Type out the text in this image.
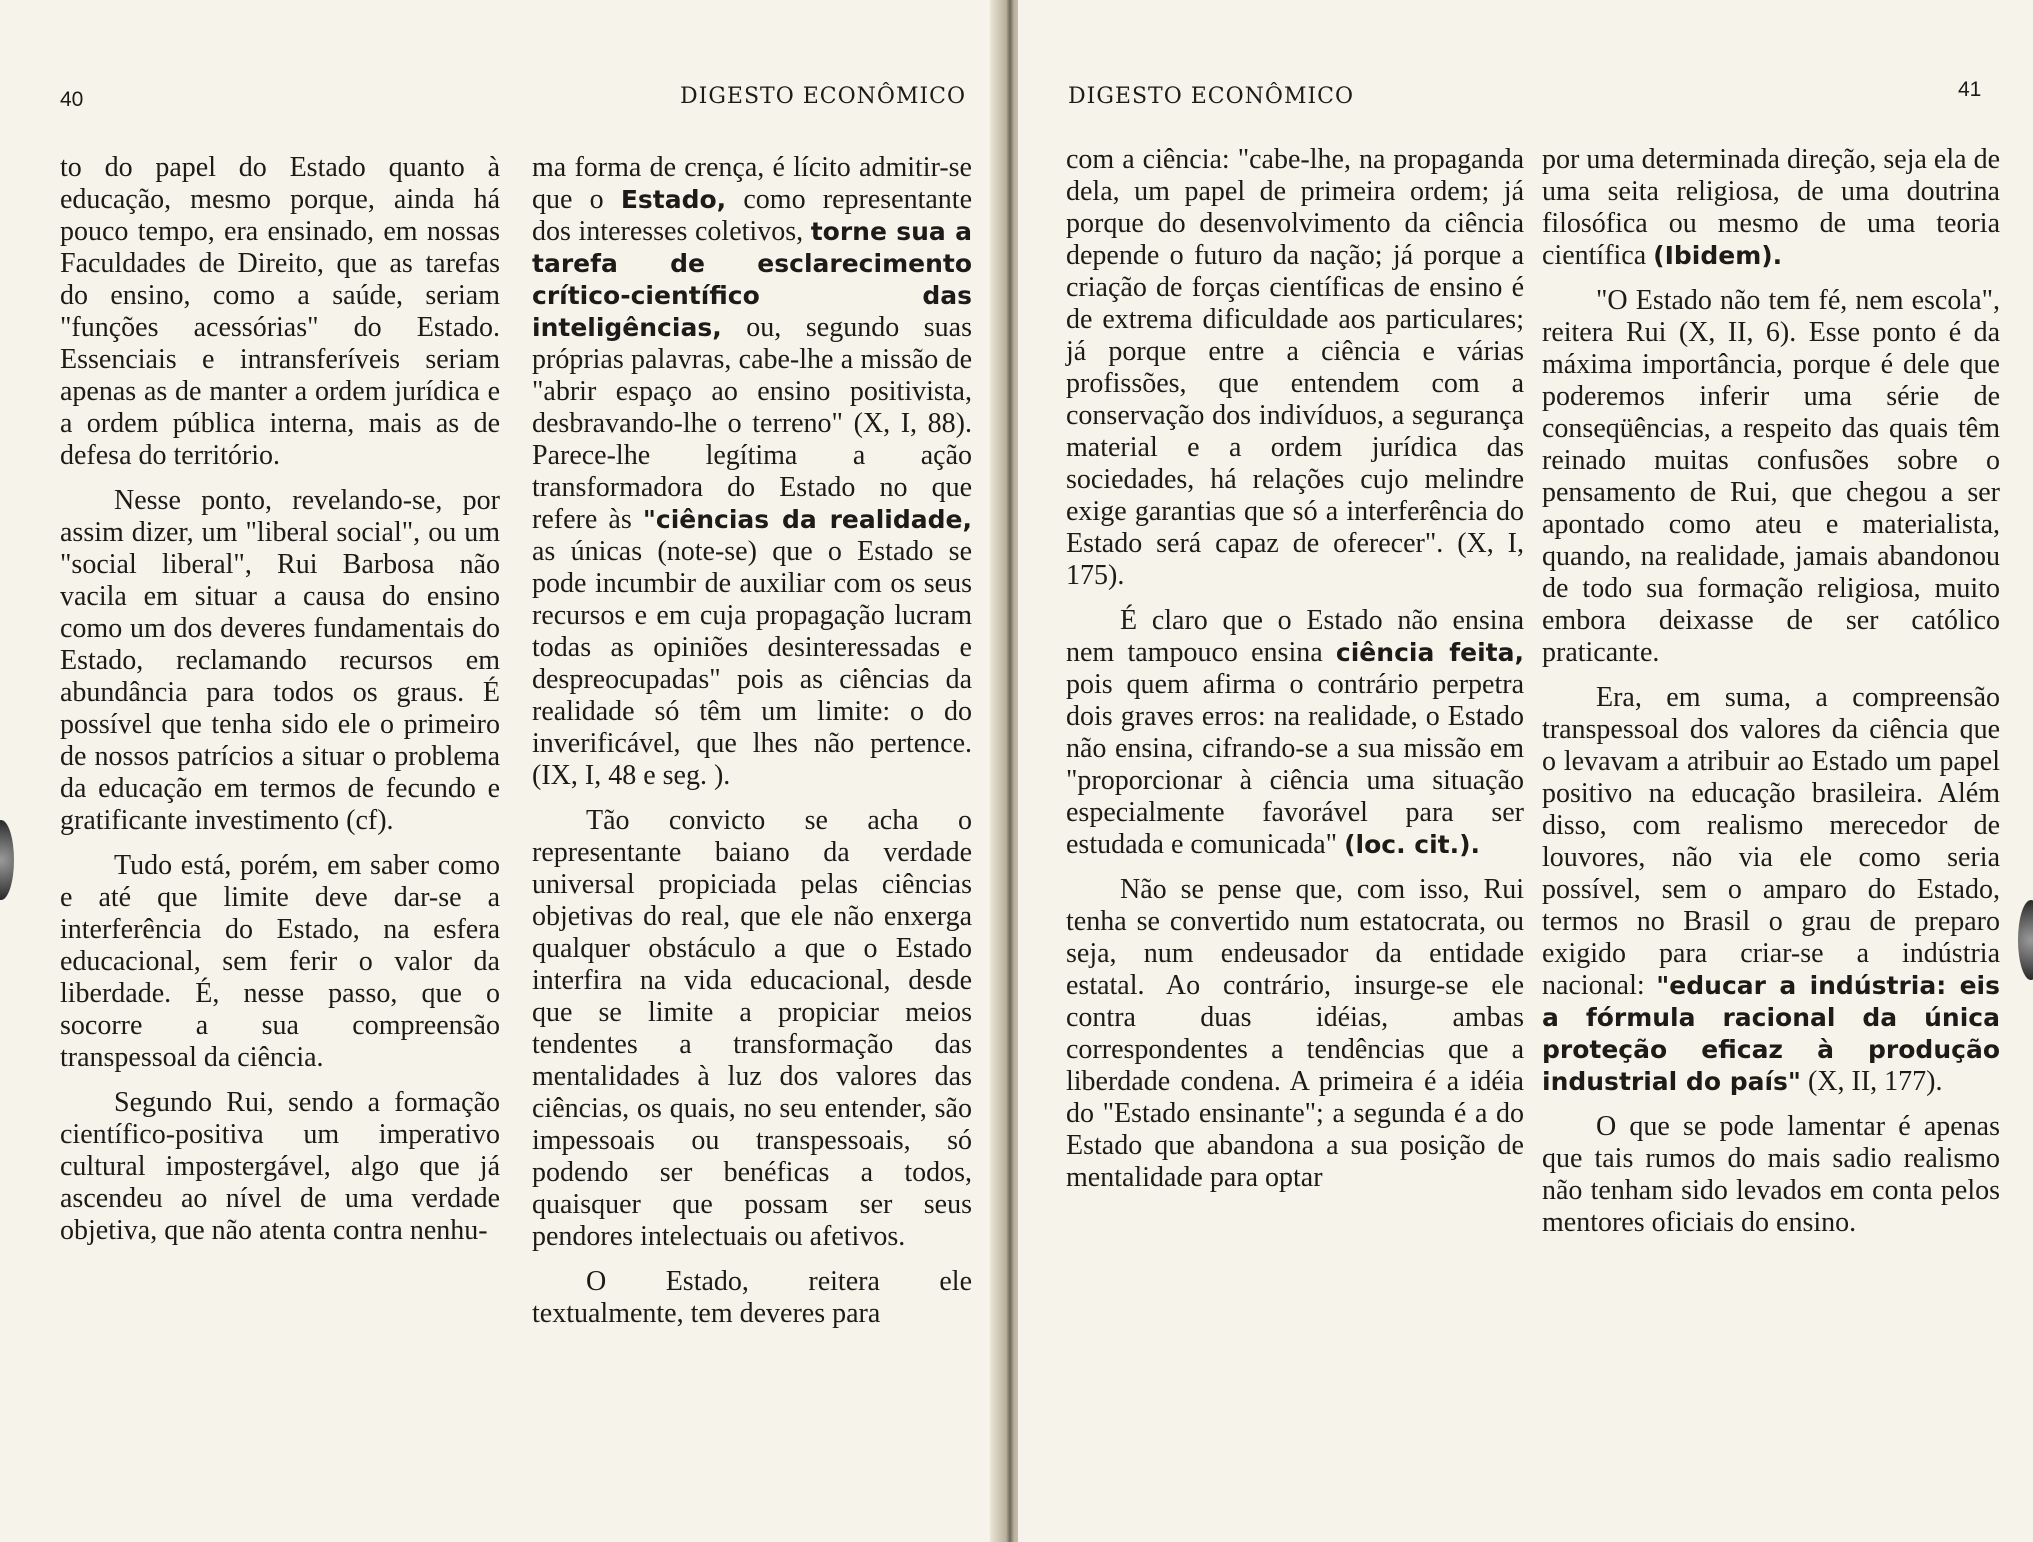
40	DIGESTO ECONÔMICO

to do papel do Estado quanto à educação, mesmo porque, ainda há pouco tempo, era ensinado, em nossas Faculdades de Direito, que as tarefas do ensino, como a saúde, seriam "funções acessórias" do Estado. Essenciais e intransferíveis seriam apenas as de manter a ordem jurídica e a ordem pública interna, mais as de defesa do território.

Nesse ponto, revelando-se, por assim dizer, um "liberal social", ou um "social liberal", Rui Barbosa não vacila em situar a causa do ensino como um dos deveres fundamentais do Estado, reclamando recursos em abundância para todos os graus. É possível que tenha sido ele o primeiro de nossos patrícios a situar o problema da educação em termos de fecundo e gratificante investimento (cf).

Tudo está, porém, em saber como e até que limite deve dar-se a interferência do Estado, na esfera educacional, sem ferir o valor da liberdade. É, nesse passo, que o socorre a sua compreensão transpessoal da ciência.

Segundo Rui, sendo a formação científico-positiva um imperativo cultural impostergável, algo que já ascendeu ao nível de uma verdade objetiva, que não atenta contra nenhu-

ma forma de crença, é lícito admitir-se que o Estado, como representante dos interesses coletivos, torne sua a tarefa de esclarecimento crítico-científico das inteligências, ou, segundo suas próprias palavras, cabe-lhe a missão de "abrir espaço ao ensino positivista, desbravando-lhe o terreno" (X, I, 88). Parece-lhe legítima a ação transformadora do Estado no que refere às "ciências da realidade, as únicas (note-se) que o Estado se pode incumbir de auxiliar com os seus recursos e em cuja propagação lucram todas as opiniões desinteressadas e despreocupadas" pois as ciências da realidade só têm um limite: o do inverificável, que lhes não pertence. (IX, I, 48 e seg. ).

Tão convicto se acha o representante baiano da verdade universal propiciada pelas ciências objetivas do real, que ele não enxerga qualquer obstáculo a que o Estado interfira na vida educacional, desde que se limite a propiciar meios tendentes a transformação das mentalidades à luz dos valores das ciências, os quais, no seu entender, são impessoais ou transpessoais, só podendo ser benéficas a todos, quaisquer que possam ser seus pendores intelectuais ou afetivos.

O Estado, reitera ele textualmente, tem deveres para

DIGESTO ECONÔMICO	41

com a ciência: "cabe-lhe, na propaganda dela, um papel de primeira ordem; já porque do desenvolvimento da ciência depende o futuro da nação; já porque a criação de forças científicas de ensino é de extrema dificuldade aos particulares; já porque entre a ciência e várias profissões, que entendem com a conservação dos indivíduos, a segurança material e a ordem jurídica das sociedades, há relações cujo melindre exige garantias que só a interferência do Estado será capaz de oferecer". (X, I, 175).

É claro que o Estado não ensina nem tampouco ensina ciência feita, pois quem afirma o contrário perpetra dois graves erros: na realidade, o Estado não ensina, cifrando-se a sua missão em "proporcionar à ciência uma situação especialmente favorável para ser estudada e comunicada" (loc. cit.).

Não se pense que, com isso, Rui tenha se convertido num estatocrata, ou seja, num endeusador da entidade estatal. Ao contrário, insurge-se ele contra duas idéias, ambas correspondentes a tendências que a liberdade condena. A primeira é a idéia do "Estado ensinante"; a segunda é a do Estado que abandona a sua posição de mentalidade para optar

por uma determinada direção, seja ela de uma seita religiosa, de uma doutrina filosófica ou mesmo de uma teoria científica (Ibidem).

"O Estado não tem fé, nem escola", reitera Rui (X, II, 6). Esse ponto é da máxima importância, porque é dele que poderemos inferir uma série de conseqüências, a respeito das quais têm reinado muitas confusões sobre o pensamento de Rui, que chegou a ser apontado como ateu e materialista, quando, na realidade, jamais abandonou de todo sua formação religiosa, muito embora deixasse de ser católico praticante.

Era, em suma, a compreensão transpessoal dos valores da ciência que o levavam a atribuir ao Estado um papel positivo na educação brasileira. Além disso, com realismo merecedor de louvores, não via ele como seria possível, sem o amparo do Estado, termos no Brasil o grau de preparo exigido para criar-se a indústria nacional: "educar a indústria: eis a fórmula racional da única proteção eficaz à produção industrial do país" (X, II, 177).

O que se pode lamentar é apenas que tais rumos do mais sadio realismo não tenham sido levados em conta pelos mentores oficiais do ensino.
